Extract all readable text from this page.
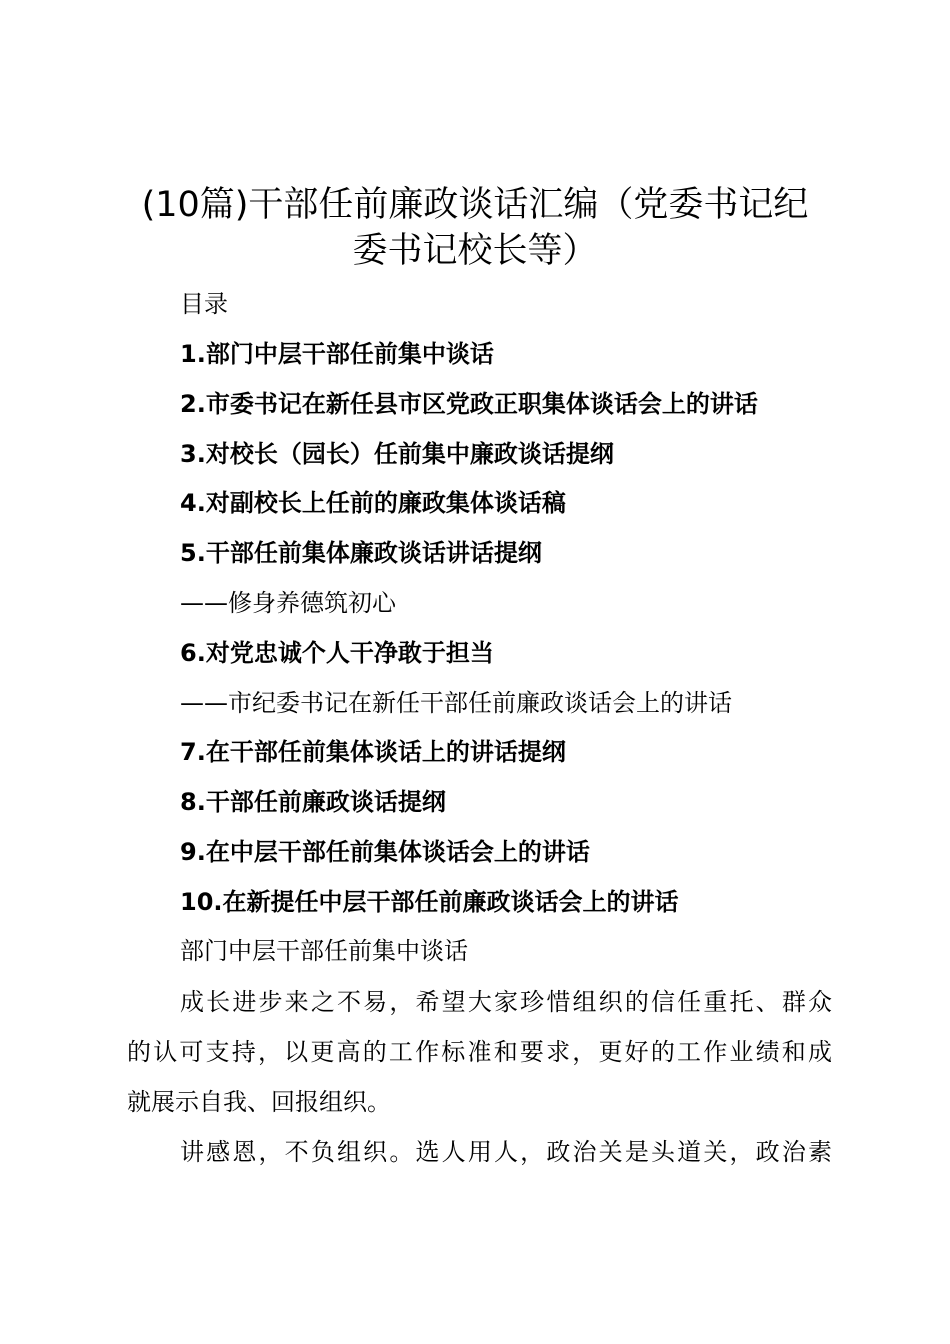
(10篇)干部任前廉政谈话汇编（党委书记纪
委书记校长等）
目录
1.部门中层干部任前集中谈话
2.市委书记在新任县市区党政正职集体谈话会上的讲话
3.对校长（园长）任前集中廉政谈话提纲
4.对副校长上任前的廉政集体谈话稿
5.干部任前集体廉政谈话讲话提纲
——修身养德筑初心
6.对党忠诚个人干净敢于担当
——市纪委书记在新任干部任前廉政谈话会上的讲话
7.在干部任前集体谈话上的讲话提纲
8.干部任前廉政谈话提纲
9.在中层干部任前集体谈话会上的讲话
10.在新提任中层干部任前廉政谈话会上的讲话
部门中层干部任前集中谈话
成长进步来之不易，希望大家珍惜组织的信任重托、群众
的认可支持，以更高的工作标准和要求，更好的工作业绩和成
就展示自我、回报组织。
讲感恩，不负组织。选人用人，政治关是头道关，政治素
